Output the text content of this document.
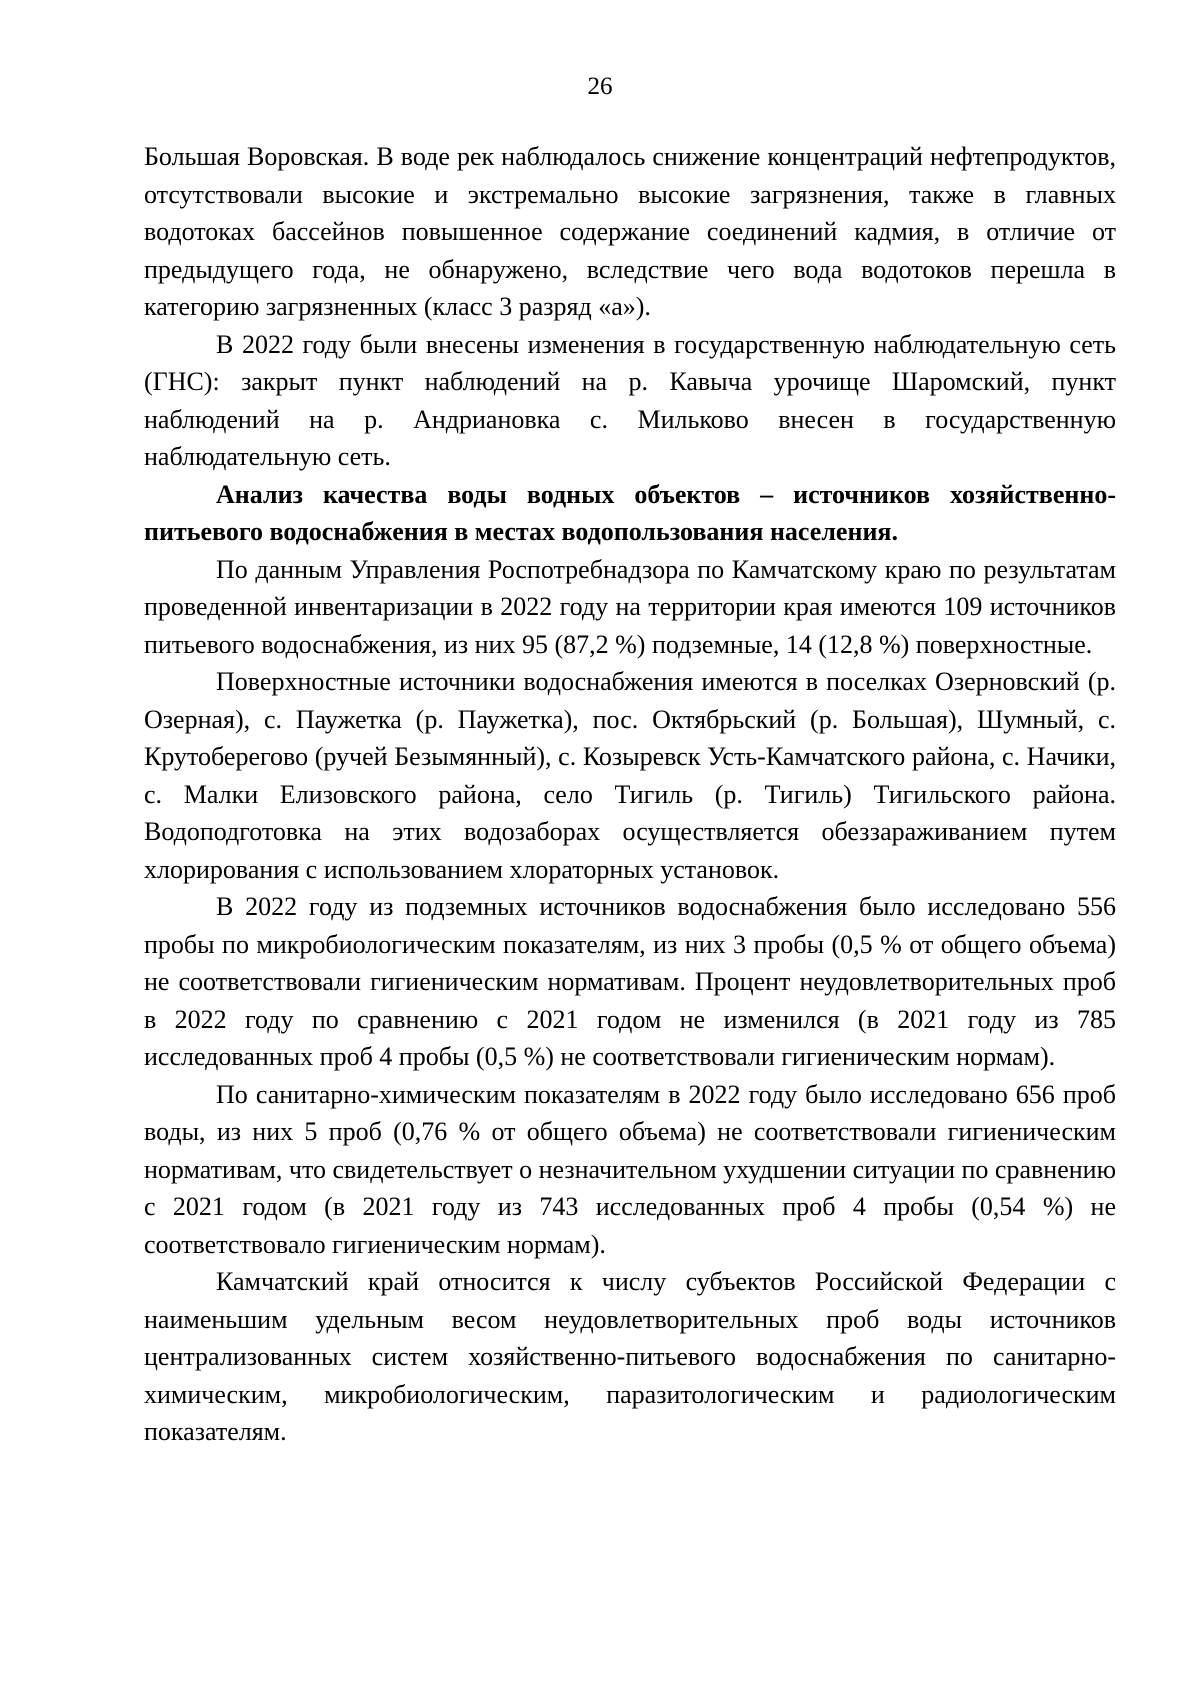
26

Большая Воровская. В воде рек наблюдалось снижение концентраций нефтепродуктов, отсутствовали высокие и экстремально высокие загрязнения, также в главных водотоках бассейнов повышенное содержание соединений кадмия, в отличие от предыдущего года, не обнаружено, вследствие чего вода водотоков перешла в категорию загрязненных (класс 3 разряд «а»).

В 2022 году были внесены изменения в государственную наблюдательную сеть (ГНС): закрыт пункт наблюдений на р. Кавыча урочище Шаромский, пункт наблюдений на р. Андриановка с. Мильково внесен в государственную наблюдательную сеть.

Анализ качества воды водных объектов – источников хозяйственно-питьевого водоснабжения в местах водопользования населения.

По данным Управления Роспотребнадзора по Камчатскому краю по результатам проведенной инвентаризации в 2022 году на территории края имеются 109 источников питьевого водоснабжения, из них 95 (87,2 %) подземные, 14 (12,8 %) поверхностные.

Поверхностные источники водоснабжения имеются в поселках Озерновский (р. Озерная), с. Паужетка (р. Паужетка), пос. Октябрьский (р. Большая), Шумный, с. Крутоберегово (ручей Безымянный), с. Козыревск Усть-Камчатского района, с. Начики, с. Малки Елизовского района, село Тигиль (р. Тигиль) Тигильского района. Водоподготовка на этих водозаборах осуществляется обеззараживанием путем хлорирования с использованием хлораторных установок.

В 2022 году из подземных источников водоснабжения было исследовано 556 пробы по микробиологическим показателям, из них 3 пробы (0,5 % от общего объема) не соответствовали гигиеническим нормативам. Процент неудовлетворительных проб в 2022 году по сравнению с 2021 годом не изменился (в 2021 году из 785 исследованных проб 4 пробы (0,5 %) не соответствовали гигиеническим нормам).

По санитарно-химическим показателям в 2022 году было исследовано 656 проб воды, из них 5 проб (0,76 % от общего объема) не соответствовали гигиеническим нормативам, что свидетельствует о незначительном ухудшении ситуации по сравнению с 2021 годом (в 2021 году из 743 исследованных проб 4 пробы (0,54 %) не соответствовало гигиеническим нормам).

Камчатский край относится к числу субъектов Российской Федерации с наименьшим удельным весом неудовлетворительных проб воды источников централизованных систем хозяйственно-питьевого водоснабжения по санитарно-химическим, микробиологическим, паразитологическим и радиологическим показателям.
